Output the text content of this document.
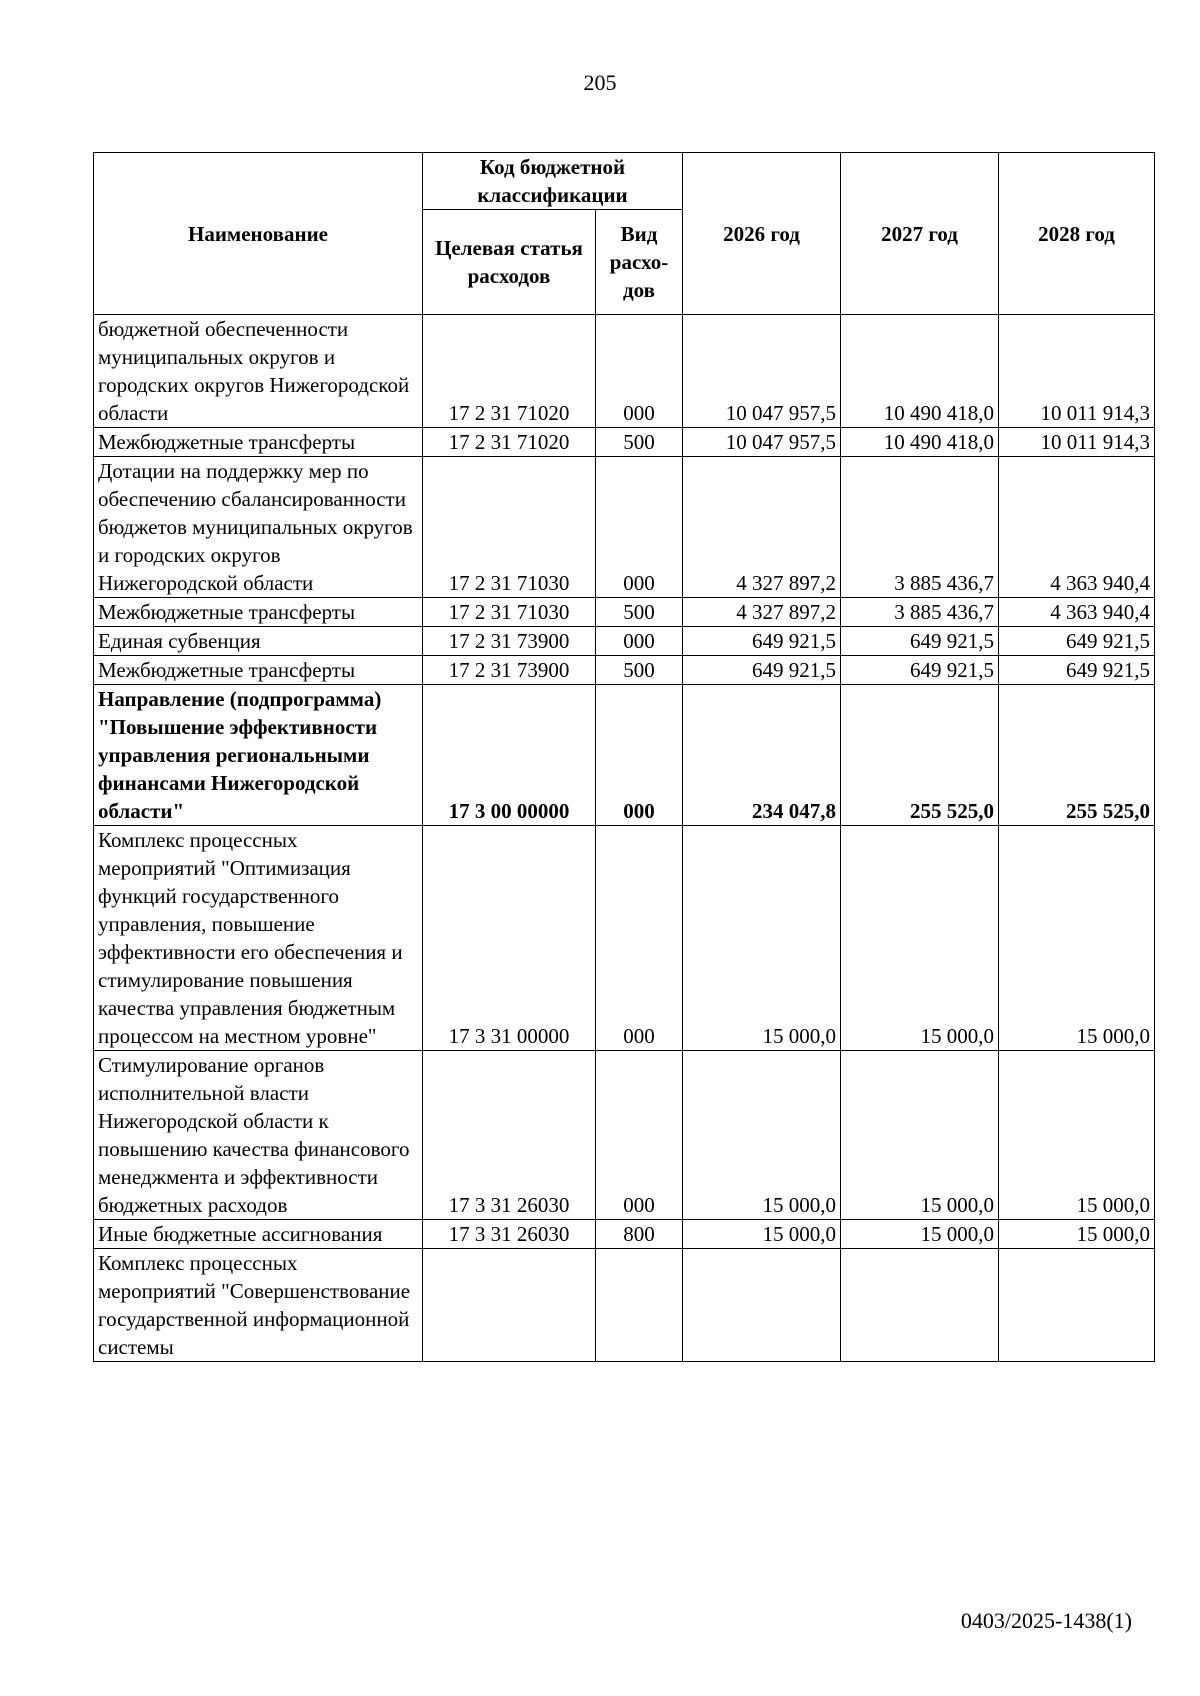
205
Наименование	Код бюджетной классификации		2026 год	2027 год	2028 год
	Целевая статья расходов	Вид расхо-дов			
бюджетной обеспеченности муниципальных округов и городских округов Нижегородской области	17 2 31 71020	000	10 047 957,5	10 490 418,0	10 011 914,3
Межбюджетные трансферты	17 2 31 71020	500	10 047 957,5	10 490 418,0	10 011 914,3
Дотации на поддержку мер по обеспечению сбалансированности бюджетов муниципальных округов и городских округов Нижегородской области	17 2 31 71030	000	4 327 897,2	3 885 436,7	4 363 940,4
Межбюджетные трансферты	17 2 31 71030	500	4 327 897,2	3 885 436,7	4 363 940,4
Единая субвенция	17 2 31 73900	000	649 921,5	649 921,5	649 921,5
Межбюджетные трансферты	17 2 31 73900	500	649 921,5	649 921,5	649 921,5
Направление (подпрограмма) "Повышение эффективности управления региональными финансами Нижегородской области"	17 3 00 00000	000	234 047,8	255 525,0	255 525,0
Комплекс процессных мероприятий "Оптимизация функций государственного управления, повышение эффективности его обеспечения и стимулирование повышения качества управления бюджетным процессом на местном уровне"	17 3 31 00000	000	15 000,0	15 000,0	15 000,0
Стимулирование органов исполнительной власти Нижегородской области к повышению качества финансового менеджмента и эффективности бюджетных расходов	17 3 31 26030	000	15 000,0	15 000,0	15 000,0
Иные бюджетные ассигнования	17 3 31 26030	800	15 000,0	15 000,0	15 000,0
Комплекс процессных мероприятий "Совершенствование государственной информационной системы					
0403/2025-1438(1)
